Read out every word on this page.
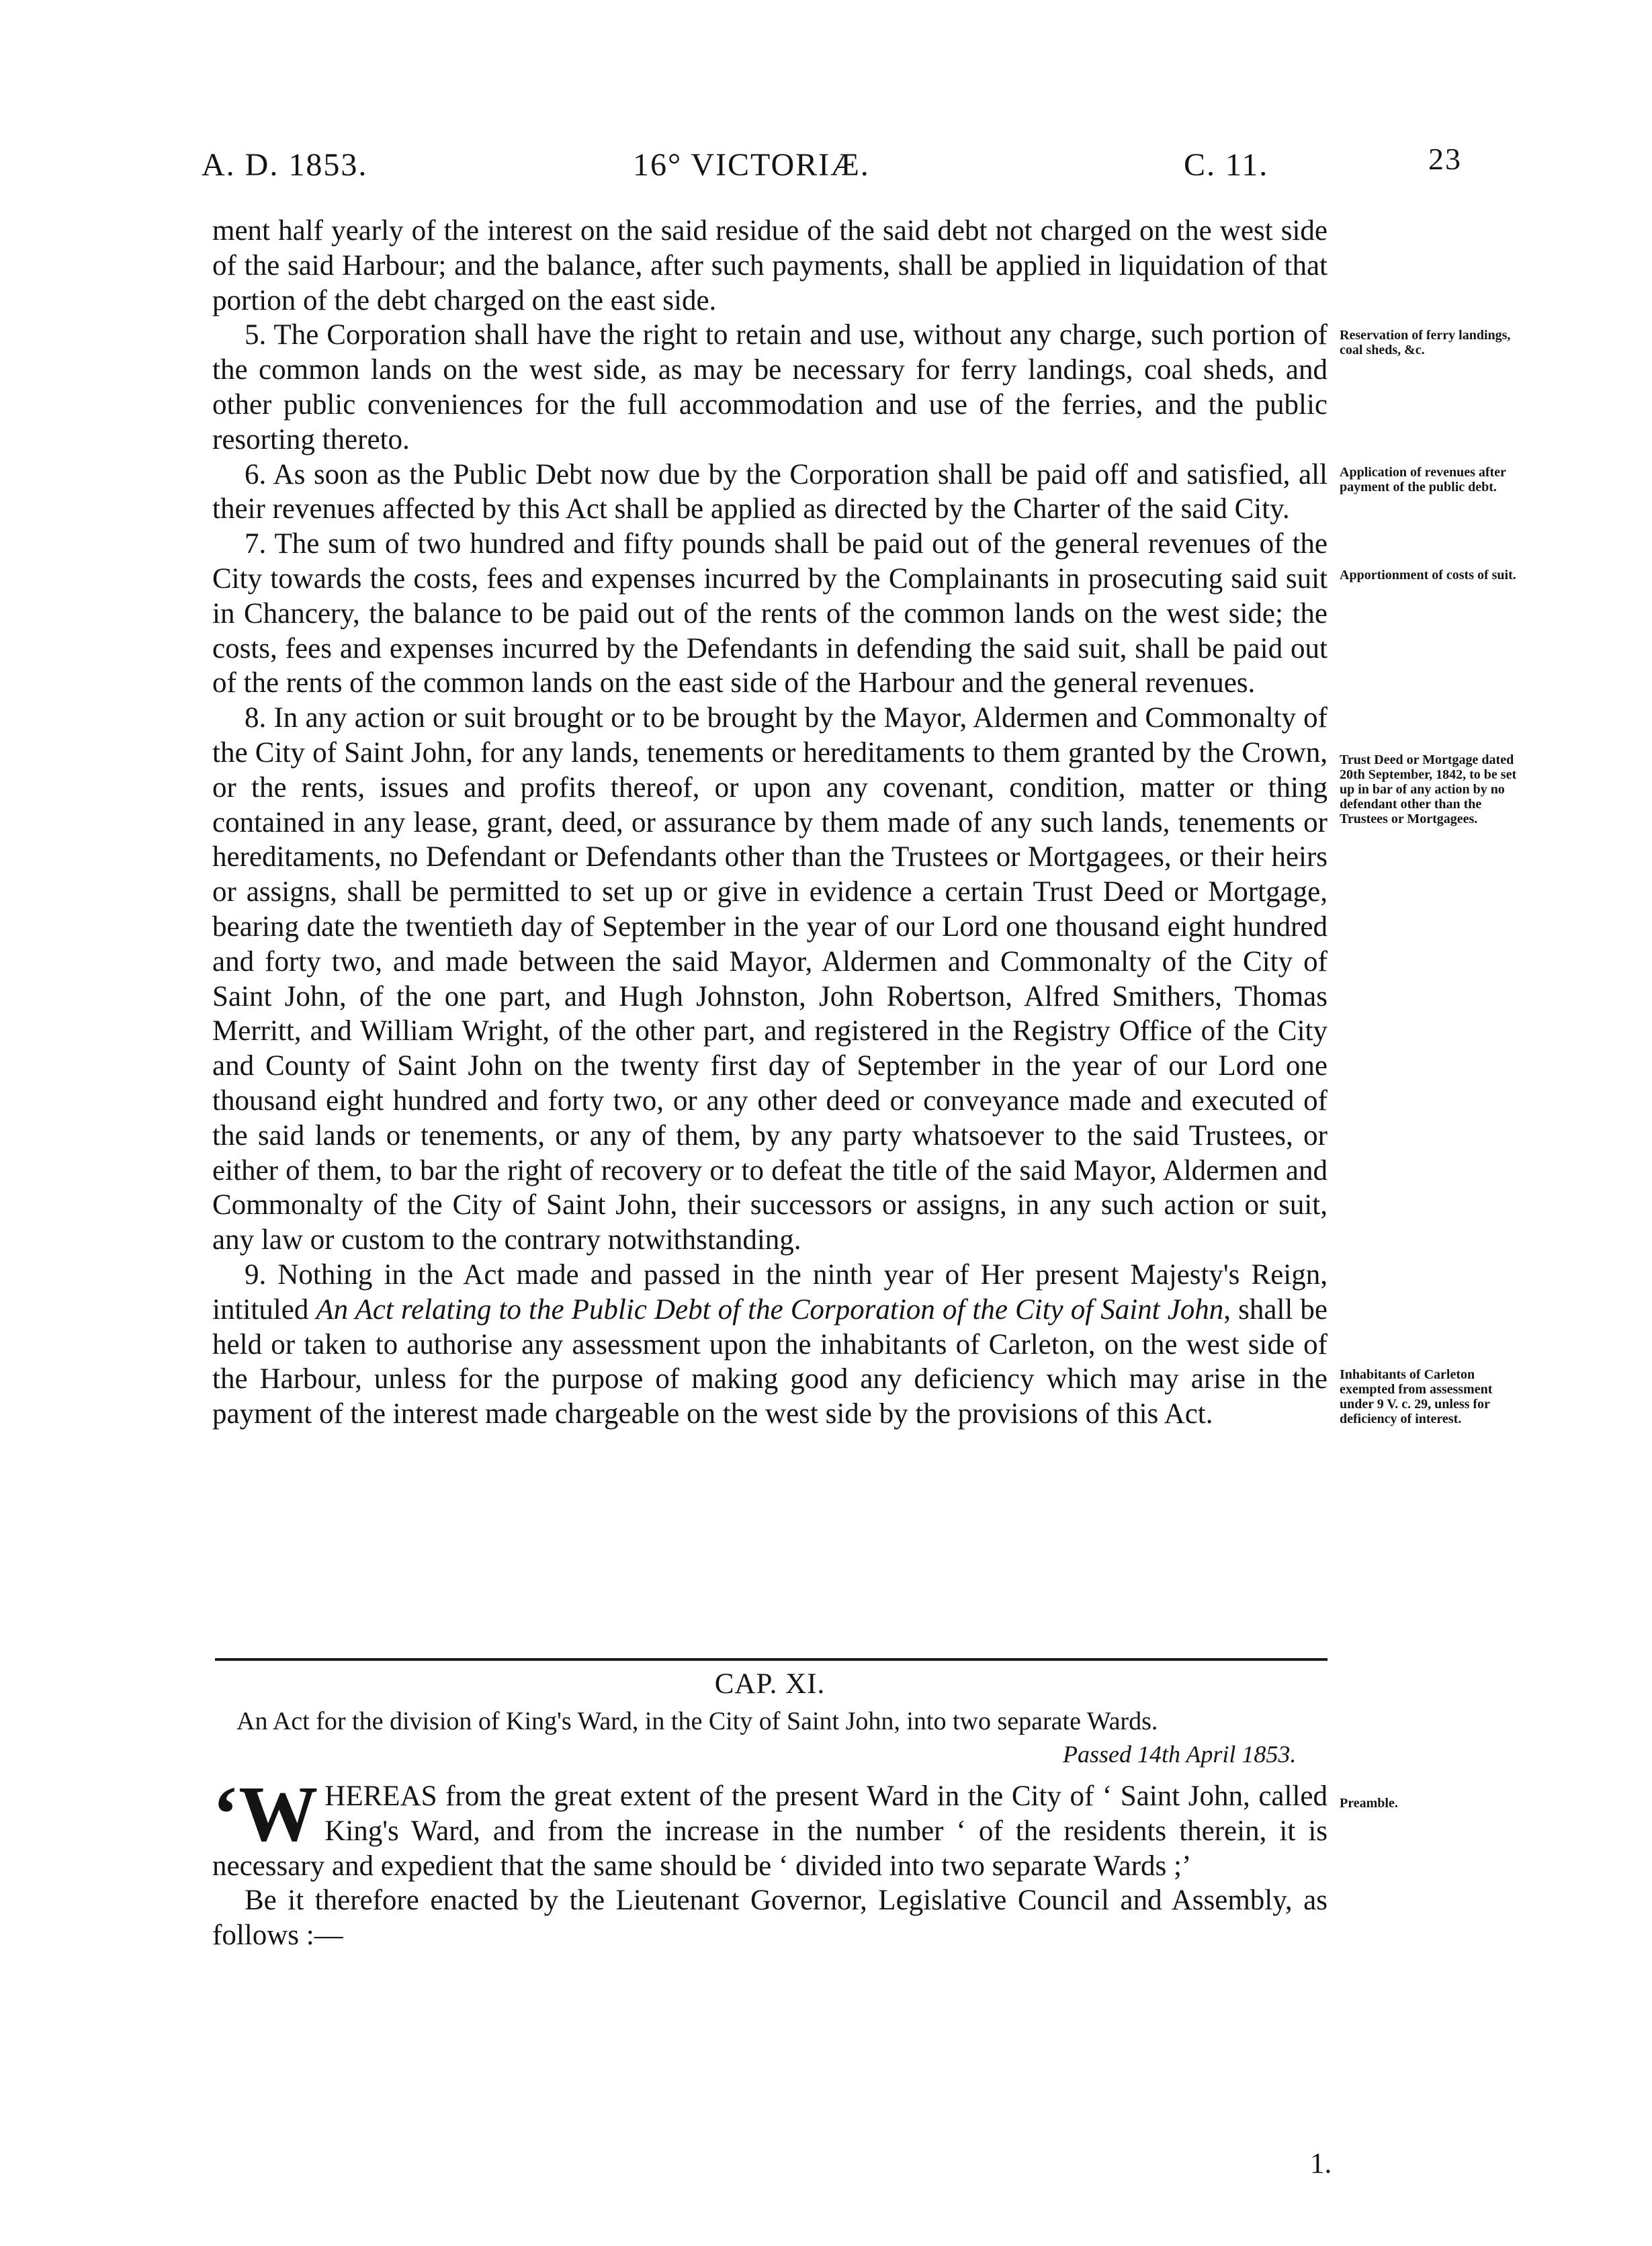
A. D. 1853.	16° VICTORIÆ.	C. 11.	23

ment half yearly of the interest on the said residue of the said debt not charged on the west side of the said Harbour; and the balance, after such payments, shall be applied in liquidation of that portion of the debt charged on the east side.

5. The Corporation shall have the right to retain and use, without any charge, such portion of the common lands on the west side, as may be necessary for ferry landings, coal sheds, and other public conveniences for the full accommodation and use of the ferries, and the public resorting thereto.

6. As soon as the Public Debt now due by the Corporation shall be paid off and satisfied, all their revenues affected by this Act shall be applied as directed by the Charter of the said City.

7. The sum of two hundred and fifty pounds shall be paid out of the general revenues of the City towards the costs, fees and expenses incurred by the Complainants in prosecuting said suit in Chancery, the balance to be paid out of the rents of the common lands on the west side; the costs, fees and expenses incurred by the Defendants in defending the said suit, shall be paid out of the rents of the common lands on the east side of the Harbour and the general revenues.

8. In any action or suit brought or to be brought by the Mayor, Aldermen and Commonalty of the City of Saint John, for any lands, tenements or hereditaments to them granted by the Crown, or the rents, issues and profits thereof, or upon any covenant, condition, matter or thing contained in any lease, grant, deed, or assurance by them made of any such lands, tenements or hereditaments, no Defendant or Defendants other than the Trustees or Mortgagees, or their heirs or assigns, shall be permitted to set up or give in evidence a certain Trust Deed or Mortgage, bearing date the twentieth day of September in the year of our Lord one thousand eight hundred and forty two, and made between the said Mayor, Aldermen and Commonalty of the City of Saint John, of the one part, and Hugh Johnston, John Robertson, Alfred Smithers, Thomas Merritt, and William Wright, of the other part, and registered in the Registry Office of the City and County of Saint John on the twenty first day of September in the year of our Lord one thousand eight hundred and forty two, or any other deed or conveyance made and executed of the said lands or tenements, or any of them, by any party whatsoever to the said Trustees, or either of them, to bar the right of recovery or to defeat the title of the said Mayor, Aldermen and Commonalty of the City of Saint John, their successors or assigns, in any such action or suit, any law or custom to the contrary notwithstanding.

9. Nothing in the Act made and passed in the ninth year of Her present Majesty's Reign, intituled An Act relating to the Public Debt of the Corporation of the City of Saint John, shall be held or taken to authorise any assessment upon the inhabitants of Carleton, on the west side of the Harbour, unless for the purpose of making good any deficiency which may arise in the payment of the interest made chargeable on the west side by the provisions of this Act.

Reservation of ferry landings, coal sheds, &c.
Application of revenues after payment of the public debt.
Apportionment of costs of suit.
Trust Deed or Mortgage dated 20th September, 1842, to be set up in bar of any action by no defendant other than the Trustees or Mortgagees.
Inhabitants of Carleton exempted from assessment under 9 V. c. 29, unless for deficiency of interest.
Preamble.
CAP. XI.
An Act for the division of King's Ward, in the City of Saint John, into two separate Wards.
Passed 14th April 1853.

‘W HEREAS from the great extent of the present Ward in the City of ‘ Saint John, called King's Ward, and from the increase in the number ‘ of the residents therein, it is necessary and expedient that the same should be ‘ divided into two separate Wards ;’

Be it therefore enacted by the Lieutenant Governor, Legislative Council and Assembly, as follows :—

1.
